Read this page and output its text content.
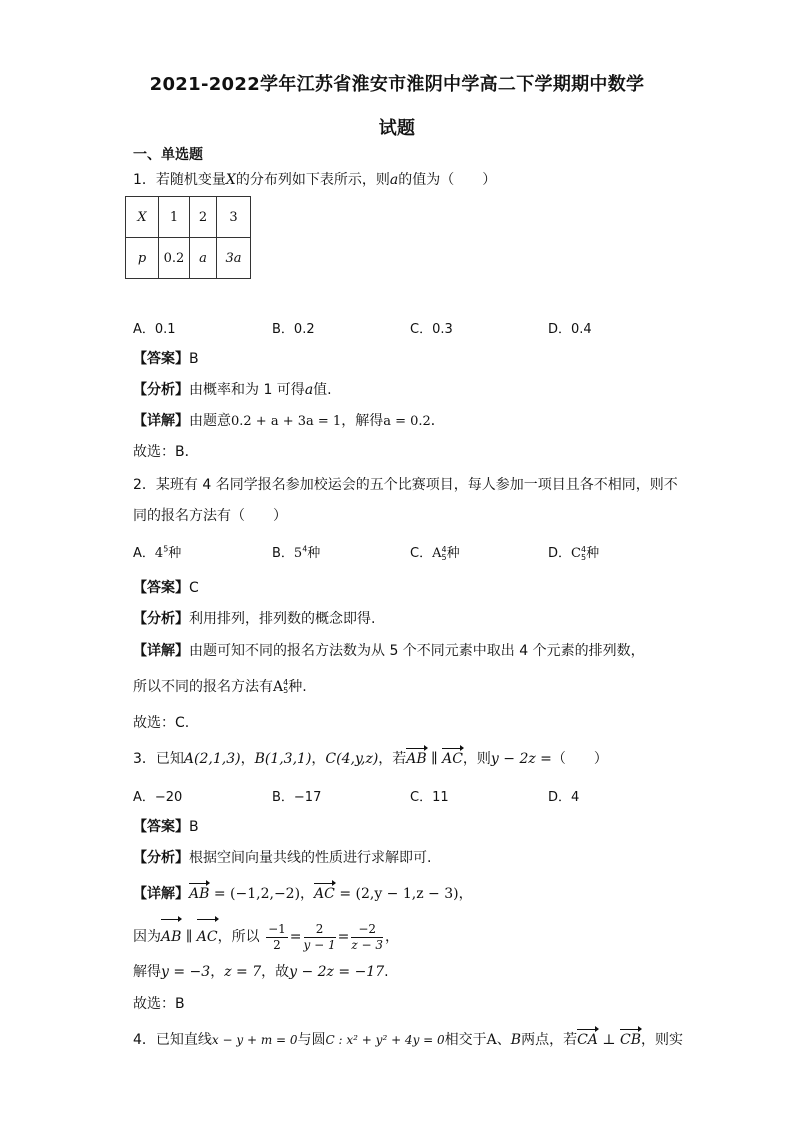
2021-2022学年江苏省淮安市淮阴中学高二下学期期中数学
试题
一、单选题
1．若随机变量X的分布列如下表所示，则a的值为（　　）
X	1	2	3
p	0.2	a	3a
A．0.1	B．0.2	C．0.3	D．0.4
【答案】B
【分析】由概率和为 1 可得a值.
【详解】由题意0.2 + a + 3a = 1，解得a = 0.2．
故选：B．
2．某班有 4 名同学报名参加校运会的五个比赛项目，每人参加一项目且各不相同，则不
同的报名方法有（　　）
A．$4^5$种	B．$5^4$种	C．A 4
5 种	D．C 4
5 种
【答案】C
【分析】利用排列，排列数的概念即得.
【详解】由题可知不同的报名方法数为从 5 个不同元素中取出 4 个元素的排列数，
所以不同的报名方法有A 4
5 种.
故选：C.
3．已知A(2,1,3)，B(1,3,1)，C(4,y,z)，若AB ∥ AC，则y − 2z =（　　）
A．−20	B．−17	C．11	D．4
【答案】B
【分析】根据空间向量共线的性质进行求解即可.
【详解】AB = (−1,2,−2)，AC = (2,y − 1,z − 3)，
因为AB ∥ AC，所以 $\frac{-1}{2} = \frac{2}{y - 1} = \frac{-2}{z - 3}$ ，
解得y = −3，z = 7，故y − 2z = −17.
故选：B
4．已知直线x − y + m = 0与圆C : x² + y² + 4y = 0相交于A、B两点，若CA ⊥ CB，则实
